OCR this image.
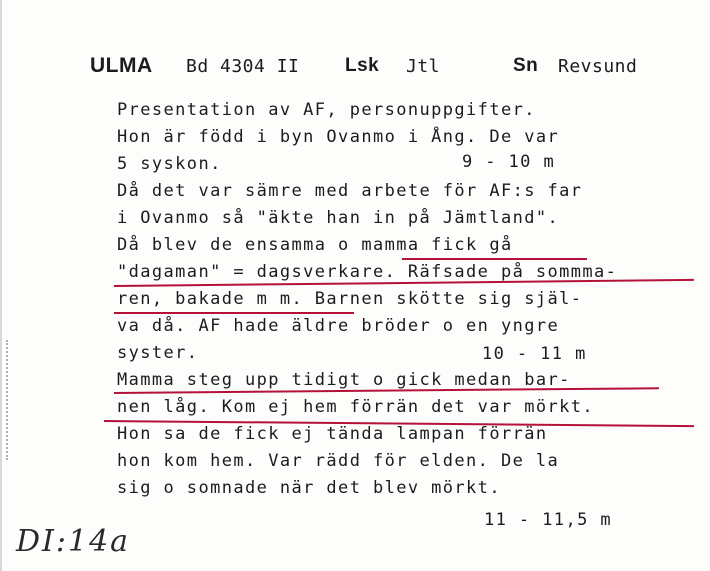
ULMA Bd 4304 II Lsk Jtl	Sn Revsund
Presentation av AF, personuppgifter.
Hon är född i byn Ovanmo i Ång. De var
5 syskon.	9 - 10 m
Då det var sämre med arbete för AF:s far
i Ovanmo så "äkte han in på Jämtland".
Då blev de ensamma o mamma fick gå
"dagaman" = dagsverkare. Räfsade på sommma-
ren, bakade m m. Barnen skötte sig själ-
va då. AF hade äldre bröder o en yngre
syster.	10 - 11 m
Mamma steg upp tidigt o gick medan bar-
nen låg. Kom ej hem förrän det var mörkt.
Hon sa de fick ej tända lampan förrän
hon kom hem. Var rädd för elden. De la
sig o somnade när det blev mörkt.
11 - 11,5 m
DI:14a
